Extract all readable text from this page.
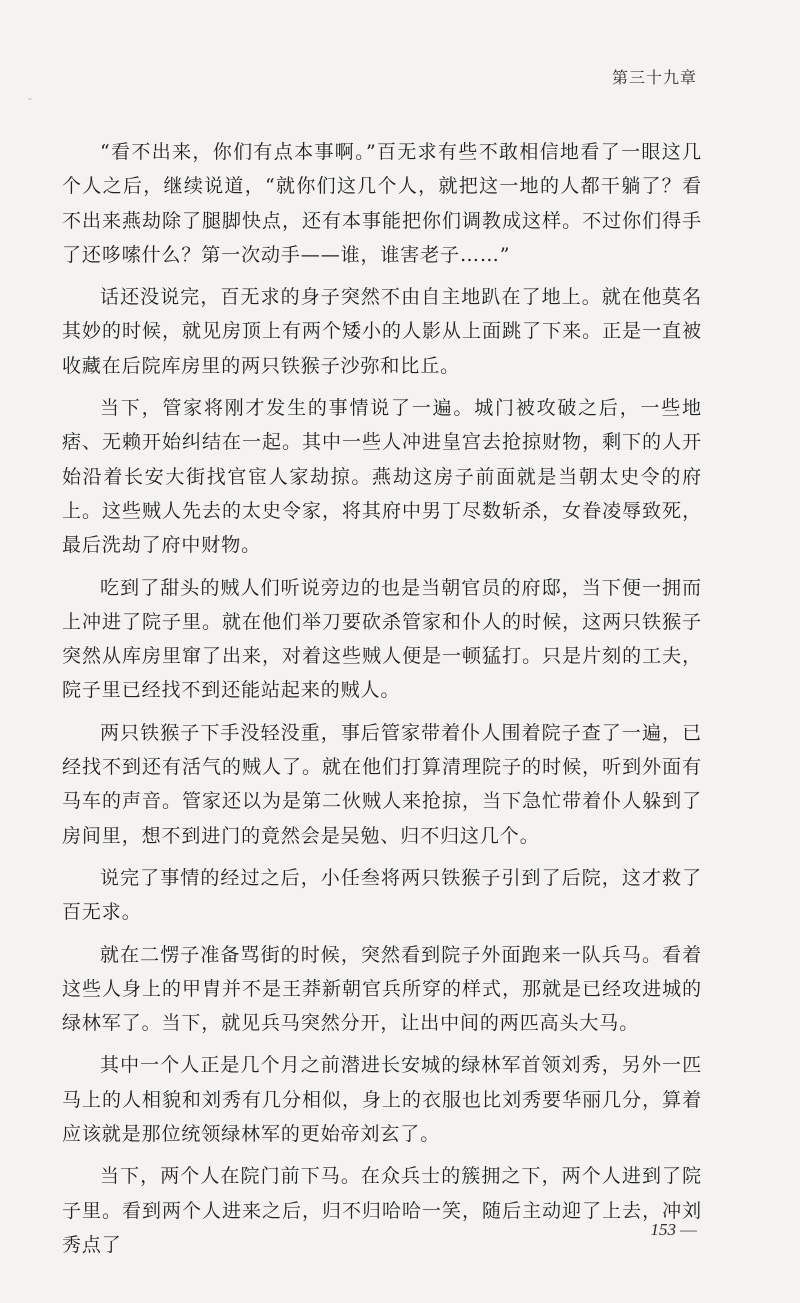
第三十九章

“看不出来，你们有点本事啊。”百无求有些不敢相信地看了一眼这几个人之后，继续说道，“就你们这几个人，就把这一地的人都干躺了？看不出来燕劫除了腿脚快点，还有本事能把你们调教成这样。不过你们得手了还哆嗦什么？第一次动手——谁，谁害老子……”

话还没说完，百无求的身子突然不由自主地趴在了地上。就在他莫名其妙的时候，就见房顶上有两个矮小的人影从上面跳了下来。正是一直被收藏在后院库房里的两只铁猴子沙弥和比丘。

当下，管家将刚才发生的事情说了一遍。城门被攻破之后，一些地痞、无赖开始纠结在一起。其中一些人冲进皇宫去抢掠财物，剩下的人开始沿着长安大街找官宦人家劫掠。燕劫这房子前面就是当朝太史令的府上。这些贼人先去的太史令家，将其府中男丁尽数斩杀，女眷凌辱致死，最后洗劫了府中财物。

吃到了甜头的贼人们听说旁边的也是当朝官员的府邸，当下便一拥而上冲进了院子里。就在他们举刀要砍杀管家和仆人的时候，这两只铁猴子突然从库房里窜了出来，对着这些贼人便是一顿猛打。只是片刻的工夫，院子里已经找不到还能站起来的贼人。

两只铁猴子下手没轻没重，事后管家带着仆人围着院子查了一遍，已经找不到还有活气的贼人了。就在他们打算清理院子的时候，听到外面有马车的声音。管家还以为是第二伙贼人来抢掠，当下急忙带着仆人躲到了房间里，想不到进门的竟然会是吴勉、归不归这几个。

说完了事情的经过之后，小任叁将两只铁猴子引到了后院，这才救了百无求。

就在二愣子准备骂街的时候，突然看到院子外面跑来一队兵马。看着这些人身上的甲胄并不是王莽新朝官兵所穿的样式，那就是已经攻进城的绿林军了。当下，就见兵马突然分开，让出中间的两匹高头大马。

其中一个人正是几个月之前潜进长安城的绿林军首领刘秀，另外一匹马上的人相貌和刘秀有几分相似，身上的衣服也比刘秀要华丽几分，算着应该就是那位统领绿林军的更始帝刘玄了。

当下，两个人在院门前下马。在众兵士的簇拥之下，两个人进到了院子里。看到两个人进来之后，归不归哈哈一笑，随后主动迎了上去，冲刘秀点了

153 —
